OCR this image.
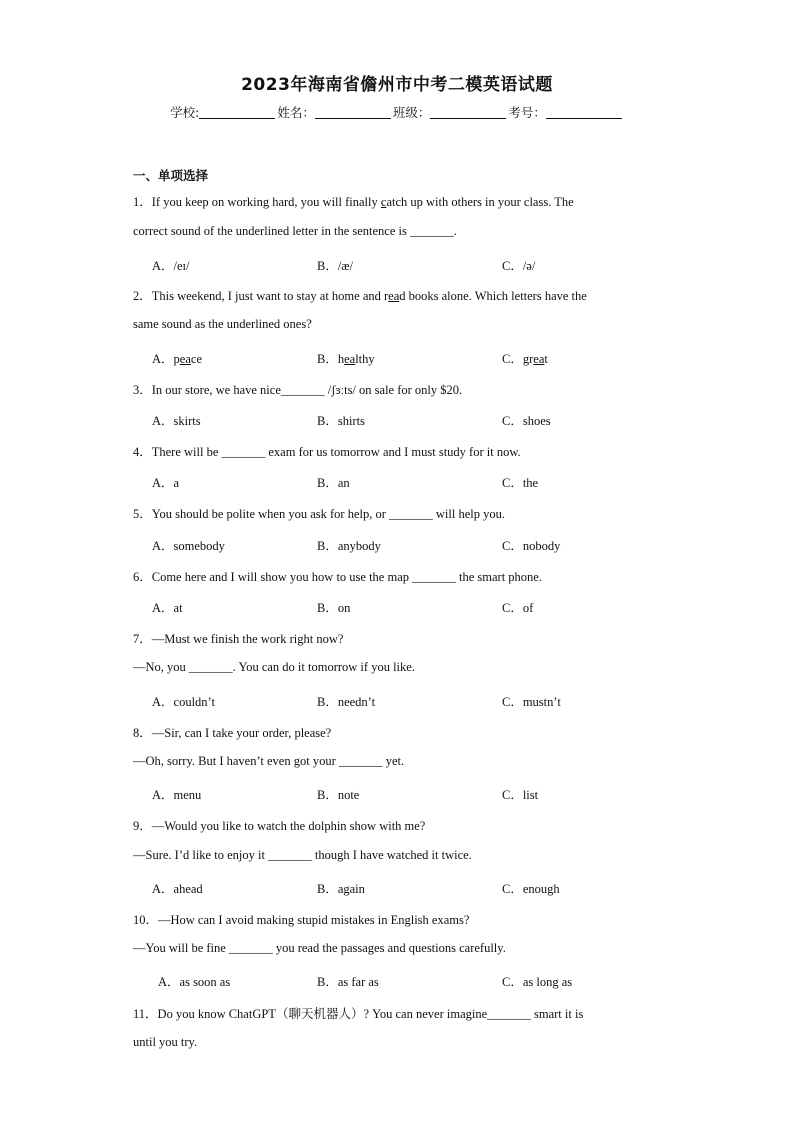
2023年海南省儋州市中考二模英语试题
学校:	姓名：	班级：	考号：
一、单项选择
1．If you keep on working hard, you will finally catch up with others in your class. The
correct sound of the underlined letter in the sentence is _______.
A．/eɪ/	B．/æ/	C．/ə/
2．This weekend, I just want to stay at home and read books alone. Which letters have the
same sound as the underlined ones?
A．peace	B．healthy	C．great
3．In our store, we have nice_______ /ʃɜːts/ on sale for only $20.
A．skirts	B．shirts	C．shoes
4．There will be _______ exam for us tomorrow and I must study for it now.
A．a	B．an	C．the
5．You should be polite when you ask for help, or _______ will help you.
A．somebody	B．anybody	C．nobody
6．Come here and I will show you how to use the map _______ the smart phone.
A．at	B．on	C．of
7．—Must we finish the work right now?
—No, you _______. You can do it tomorrow if you like.
A．couldn’t	B．needn’t	C．mustn’t
8．—Sir, can I take your order, please?
—Oh, sorry. But I haven’t even got your _______ yet.
A．menu	B．note	C．list
9．—Would you like to watch the dolphin show with me?
—Sure. I’d like to enjoy it _______ though I have watched it twice.
A．ahead	B．again	C．enough
10．—How can I avoid making stupid mistakes in English exams?
—You will be fine _______ you read the passages and questions carefully.
A．as soon as	B．as far as	C．as long as
11．Do you know ChatGPT（聊天机器人）? You can never imagine_______ smart it is
until you try.
